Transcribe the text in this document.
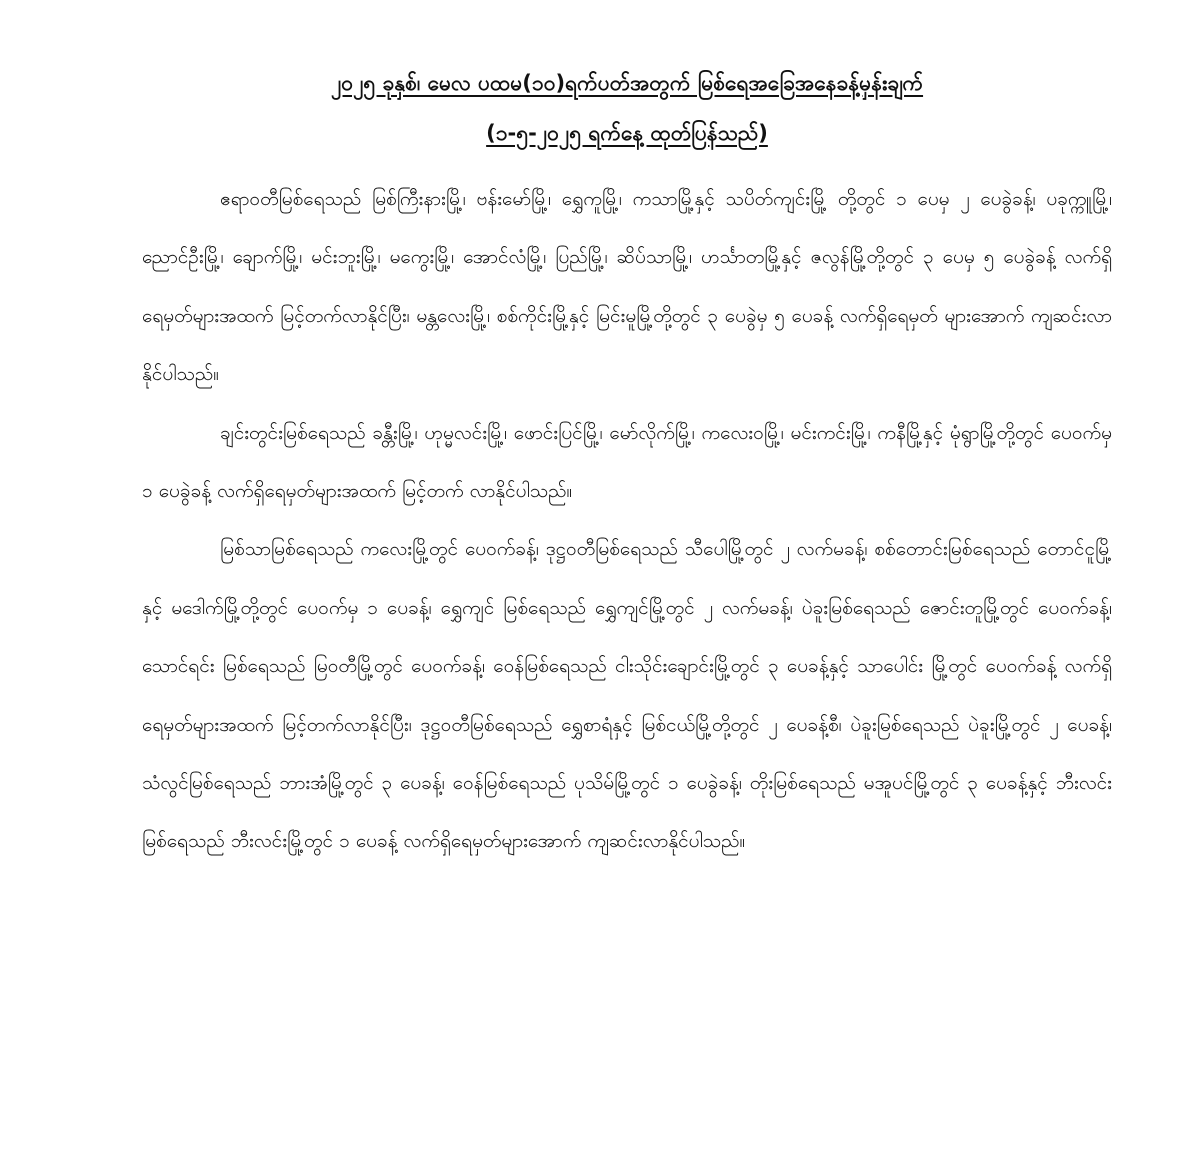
၂၀၂၅ ခုနှစ်၊ မေလ ပထမ(၁၀)ရက်ပတ်အတွက် မြစ်ရေအခြေအနေခန့်မှန်းချက်
(၁-၅-၂၀၂၅ ရက်နေ့ ထုတ်ပြန်သည်)

ဧရာဝတီမြစ်ရေသည် မြစ်ကြီးနားမြို့၊ ဗန်းမော်မြို့၊ ရွှေကူမြို့၊ ကသာမြို့နှင့် သပိတ်ကျင်းမြို့ တို့တွင် ၁ ပေမှ ၂ ပေခွဲခန့်၊ ပခုက္ကူမြို့၊ ညောင်ဦးမြို့၊ ချောက်မြို့၊ မင်းဘူးမြို့၊ မကွေးမြို့၊ အောင်လံမြို့၊ ပြည်မြို့၊ ဆိပ်သာမြို့၊ ဟင်္သာတမြို့နှင့် ဇလွန်မြို့တို့တွင် ၃ ပေမှ ၅ ပေခွဲခန့် လက်ရှိရေမှတ်များအထက် မြင့်တက်လာနိုင်ပြီး၊ မန္တလေးမြို့၊ စစ်ကိုင်းမြို့နှင့် မြင်းမူမြို့တို့တွင် ၃ ပေခွဲမှ ၅ ပေခန့် လက်ရှိရေမှတ် များအောက် ကျဆင်းလာနိုင်ပါသည်။

ချင်းတွင်းမြစ်ရေသည် ခန္တီးမြို့၊ ဟုမ္မလင်းမြို့၊ ဖောင်းပြင်မြို့၊ မော်လိုက်မြို့၊ ကလေးဝမြို့၊ မင်းကင်းမြို့၊ ကနီမြို့နှင့် မုံရွာမြို့တို့တွင် ပေဝက်မှ ၁ ပေခွဲခန့် လက်ရှိရေမှတ်များအထက် မြင့်တက် လာနိုင်ပါသည်။

မြစ်သာမြစ်ရေသည် ကလေးမြို့တွင် ပေဝက်ခန့်၊ ဒုဋ္ဌဝတီမြစ်ရေသည် သီပေါမြို့တွင် ၂ လက်မခန့်၊ စစ်တောင်းမြစ်ရေသည် တောင်ငူမြို့နှင့် မဒေါက်မြို့တို့တွင် ပေဝက်မှ ၁ ပေခန့်၊ ရွှေကျင် မြစ်ရေသည် ရွှေကျင်မြို့တွင် ၂ လက်မခန့်၊ ပဲခူးမြစ်ရေသည် ဇောင်းတူမြို့တွင် ပေဝက်ခန့်၊ သောင်ရင်း မြစ်ရေသည် မြဝတီမြို့တွင် ပေဝက်ခန့်၊ ဝေန်မြစ်ရေသည် ငါးသိုင်းချောင်းမြို့တွင် ၃ ပေခန့်နှင့် သာပေါင်း မြို့တွင် ပေဝက်ခန့် လက်ရှိရေမှတ်များအထက် မြင့်တက်လာနိုင်ပြီး၊ ဒုဋ္ဌဝတီမြစ်ရေသည် ရွှေစာရံနှင့် မြစ်ငယ်မြို့တို့တွင် ၂ ပေခန့်စီ၊ ပဲခူးမြစ်ရေသည် ပဲခူးမြို့တွင် ၂ ပေခန့်၊ သံလွင်မြစ်ရေသည် ဘားအံမြို့တွင် ၃ ပေခန့်၊ ဝေန်မြစ်ရေသည် ပုသိမ်မြို့တွင် ၁ ပေခွဲခန့်၊ တိုးမြစ်ရေသည် မအူပင်မြို့တွင် ၃ ပေခန့်နှင့် ဘီးလင်းမြစ်ရေသည် ဘီးလင်းမြို့တွင် ၁ ပေခန့် လက်ရှိရေမှတ်များအောက် ကျဆင်းလာနိုင်ပါသည်။
